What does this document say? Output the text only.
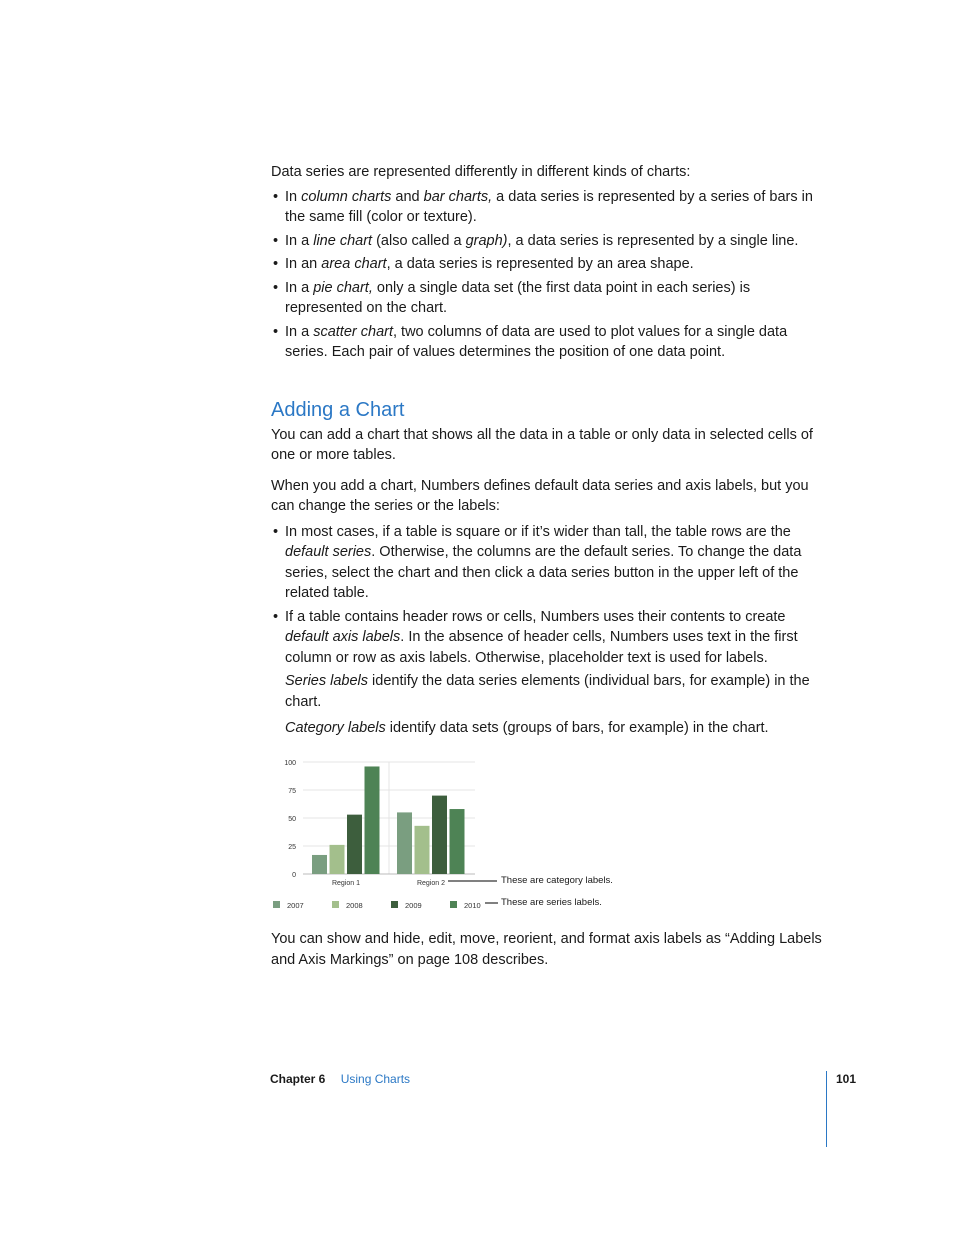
Data series are represented differently in different kinds of charts:

• In column charts and bar charts, a data series is represented by a series of bars in the same fill (color or texture).
• In a line chart (also called a graph), a data series is represented by a single line.
• In an area chart, a data series is represented by an area shape.
• In a pie chart, only a single data set (the first data point in each series) is represented on the chart.
• In a scatter chart, two columns of data are used to plot values for a single data series. Each pair of values determines the position of one data point.
Adding a Chart

You can add a chart that shows all the data in a table or only data in selected cells of one or more tables.

When you add a chart, Numbers defines default data series and axis labels, but you can change the series or the labels:

• In most cases, if a table is square or if it’s wider than tall, the table rows are the default series. Otherwise, the columns are the default series. To change the data series, select the chart and then click a data series button in the upper left of the related table.
• If a table contains header rows or cells, Numbers uses their contents to create default axis labels. In the absence of header cells, Numbers uses text in the first column or row as axis labels. Otherwise, placeholder text is used for labels.

Series labels identify the data series elements (individual bars, for example) in the chart.

Category labels identify data sets (groups of bars, for example) in the chart.

0
25
50
75
100
Region 1	Region 2
2007	2008	2009	2010
These are category labels.
These are series labels.

You can show and hide, edit, move, reorient, and format axis labels as “Adding Labels and Axis Markings” on page 108 describes.

Chapter 6 Using Charts	101
